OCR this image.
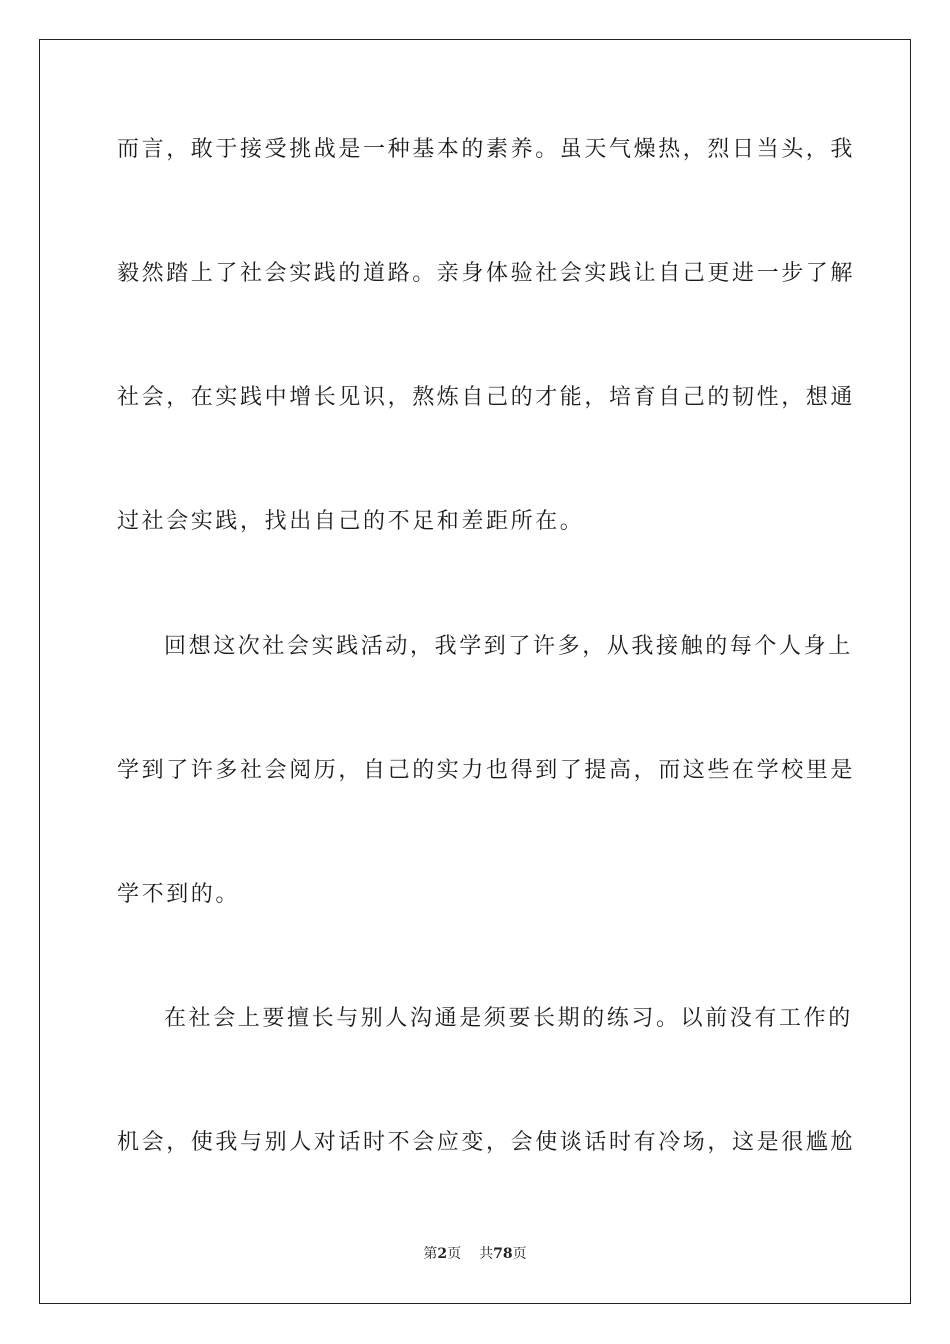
而言，敢于接受挑战是一种基本的素养。虽天气燥热，烈日当头，我

毅然踏上了社会实践的道路。亲身体验社会实践让自己更进一步了解

社会，在实践中增长见识，熬炼自己的才能，培育自己的韧性，想通

过社会实践，找出自己的不足和差距所在。

回想这次社会实践活动，我学到了许多，从我接触的每个人身上

学到了许多社会阅历，自己的实力也得到了提高，而这些在学校里是

学不到的。

在社会上要擅长与别人沟通是须要长期的练习。以前没有工作的

机会，使我与别人对话时不会应变，会使谈话时有冷场，这是很尴尬

第2页 共78页
